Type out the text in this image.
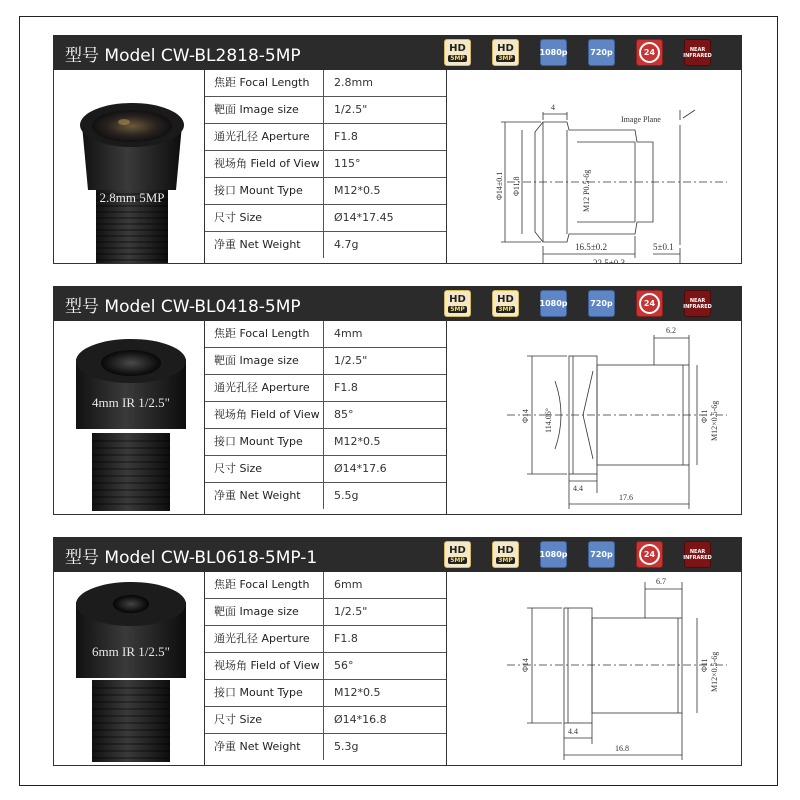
型号 Model CW-BL2818-5MP	HD
5MP
HD
3MP
1080p	720p	24	NEAR INFRARED
2.8mm 5MP
焦距 Focal Length	2.8mm
靶面 Image size	1/2.5"
通光孔径 Aperture	F1.8
视场角 Field of View	115°
接口 Mount Type	M12*0.5
尺寸 Size	Ø14*17.45
净重 Net Weight	4.7g
Image Plane
4
Φ14±0.1 Φ11.8	M12 P0.5-6g
16.5±0.2	5±0.1
22.5±0.3
型号 Model CW-BL0418-5MP	HD
5MP
HD
3MP
1080p	720p	24	NEAR INFRARED
4mm IR 1/2.5"
焦距 Focal Length	4mm
靶面 Image size	1/2.5"
通光孔径 Aperture	F1.8
视场角 Field of View	85°
接口 Mount Type	M12*0.5
尺寸 Size	Ø14*17.6
净重 Net Weight	5.5g
Φ14 114.06°	Φ11 M12×0.5-6g
6.2
4.4
17.6
型号 Model CW-BL0618-5MP-1	HD
5MP
HD
3MP
1080p	720p	24	NEAR INFRARED
6mm IR 1/2.5"
焦距 Focal Length	6mm
靶面 Image size	1/2.5"
通光孔径 Aperture	F1.8
视场角 Field of View	56°
接口 Mount Type	M12*0.5
尺寸 Size	Ø14*16.8
净重 Net Weight	5.3g
Φ14	Φ11 M12×0.5-6g
6.7
4.4
16.8
